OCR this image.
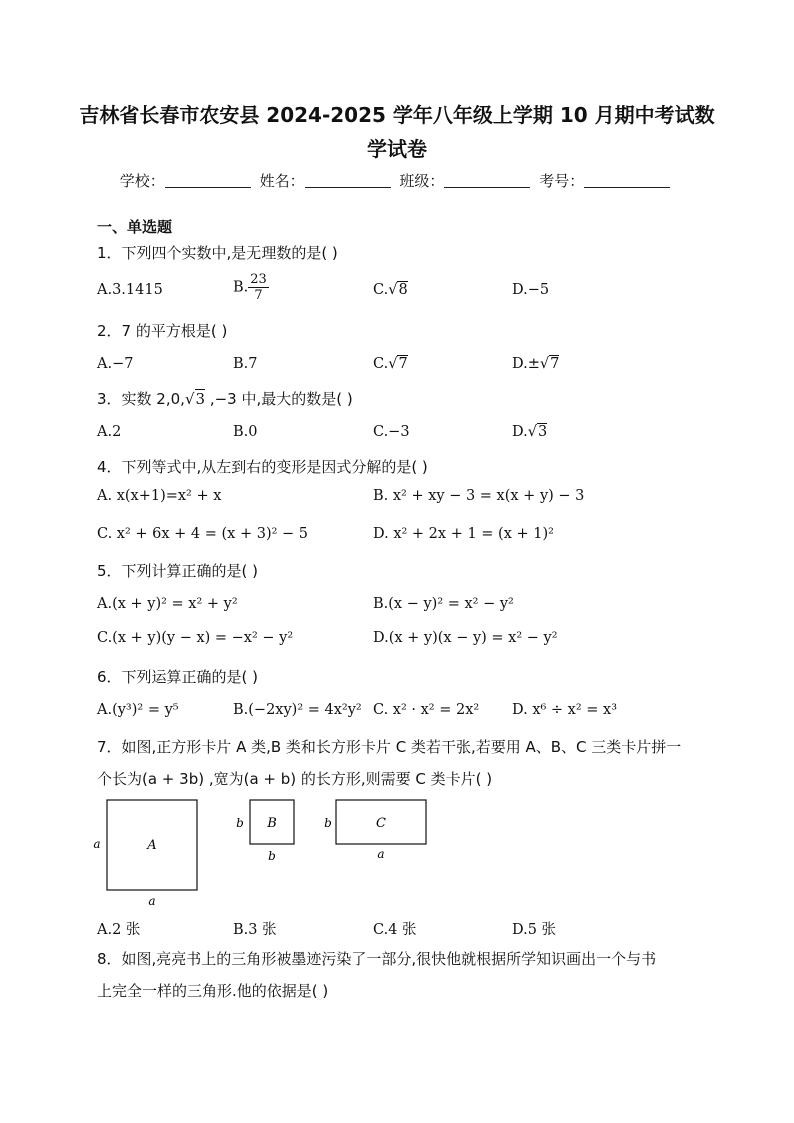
吉林省长春市农安县 2024-2025 学年八年级上学期 10 月期中考试数
学试卷
学校：	姓名：	班级：	考号：
一、单选题
1．下列四个实数中,是无理数的是( )
A.3.1415	B. $\frac{23}{7}$	C.√8	D.−5
2．7 的平方根是( )
A.−7	B.7	C.√7	D.±√7
3．实数 2,0,√3 ,−3 中,最大的数是( )
A.2	B.0	C.−3	D.√3
4．下列等式中,从左到右的变形是因式分解的是( )
A. x(x+1)=x² + x	B. x² + xy − 3 = x(x + y) − 3
C. x² + 6x + 4 = (x + 3)² − 5	D. x² + 2x + 1 = (x + 1)²
5．下列计算正确的是( )
A.(x + y)² = x² + y²	B.(x − y)² = x² − y²
C.(x + y)(y − x) = −x² − y²	D.(x + y)(x − y) = x² − y²
6．下列运算正确的是( )
A.(y³)² = y⁵	B.(−2xy)² = 4x²y² C. x² · x² = 2x² D. x⁶ ÷ x² = x³
7．如图,正方形卡片 A 类,B 类和长方形卡片 C 类若干张,若要用 A、B、C 三类卡片拼一
个长为(a + 3b) ,宽为(a + b) 的长方形,则需要 C 类卡片( )
A
a
a
B
b
b
C
b
a
A.2 张	B.3 张	C.4 张	D.5 张
8．如图,亮亮书上的三角形被墨迹污染了一部分,很快他就根据所学知识画出一个与书
上完全一样的三角形.他的依据是( )
